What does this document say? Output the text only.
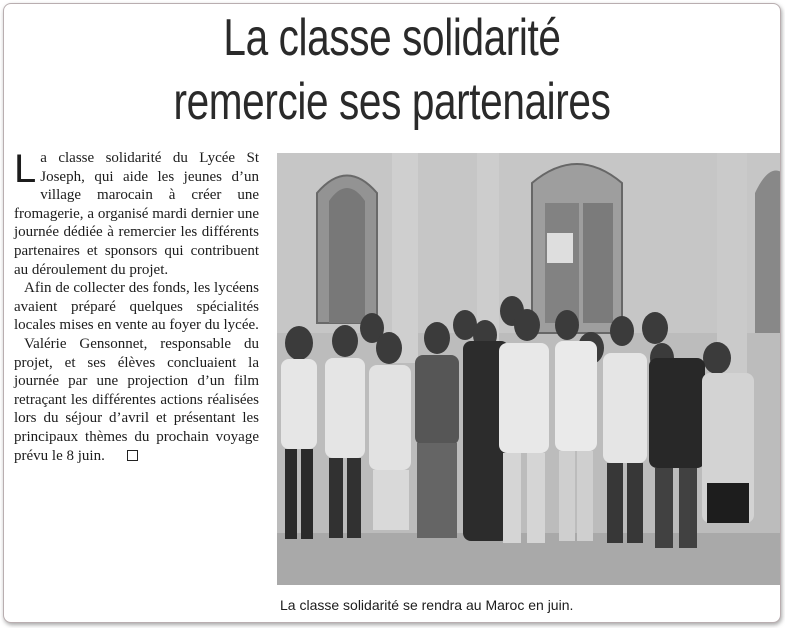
La classe solidarité
remercie ses partenaires

La classe solidarité du Lycée St Joseph, qui aide les jeunes d’un village marocain à créer une fromagerie, a organisé mardi dernier une journée dédiée à remercier les différents partenaires et sponsors qui contribuent au déroulement du projet.

Afin de collecter des fonds, les lycéens avaient préparé quelques spécialités locales mises en vente au foyer du lycée.

Valérie Gensonnet, responsable du projet, et ses élèves concluaient la journée par une projection d’un film retraçant les différentes actions réalisées lors du séjour d’avril et présentant les principaux thèmes du prochain voyage prévu le 8 juin.

La classe solidarité se rendra au Maroc en juin.
